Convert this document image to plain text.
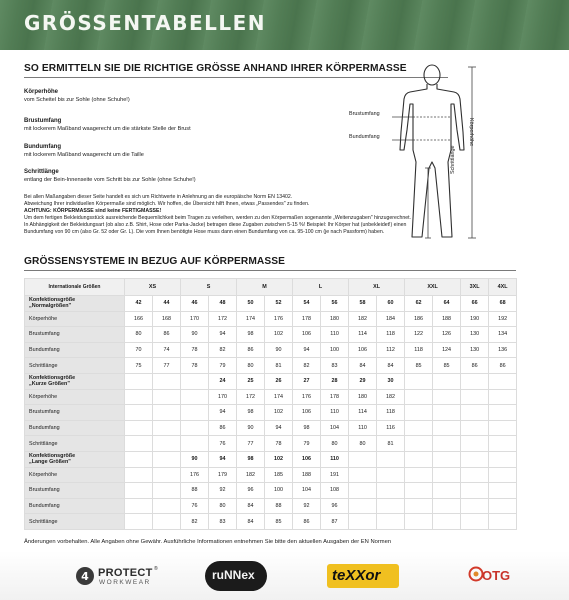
GRÖSSENTABELLEN
SO ERMITTELN SIE DIE RICHTIGE GRÖSSE ANHAND IHRER KÖRPERMASSE
Körperhöhe
vom Scheitel bis zur Sohle (ohne Schuhe!)
Brustumfang
mit lockerem Maßband waagerecht um die stärkste Stelle der Brust
Bundumfang
mit lockerem Maßband waagerecht um die Taille
Schrittlänge
entlang der Bein-Innenseite vom Schritt bis zur Sohle (ohne Schuhe!)
Bei allen Maßangaben dieser Seite handelt es sich um Richtwerte in Anlehnung an die europäische Norm EN 13402.
Abweichung Ihrer individuellen Körpermaße sind möglich. Wir hoffen, die Übersicht hilft Ihnen, etwas „Passendes" zu finden.
ACHTUNG: KÖRPERMASSE sind keine FERTIGMASSE!
Um dem fertigen Bekleidungsstück ausreichende Bequemlichkeit beim Tragen zu verleihen, werden zu den Körpermaßen sogenannte „Weitenzugaben" hinzugerechnet.
In Abhängigkeit der Bekleidungsart (ob also z.B. Shirt, Hose oder Parka-Jacke) betragen diese Zugaben zwischen 5-15 %! Beispiel: Ihr Körper hat (unbekleidet!) einen
Bundumfang von 90 cm (also Gr. 52 oder Gr. L). Die vom Ihnen benötigte Hose muss dann einen Bundumfang von ca. 95-100 cm (je nach Passform) haben.
Brustumfang
Bundumfang	Körperhöhe
Schrittlänge
GRÖSSENSYSTEME IN BEZUG AUF KÖRPERMASSE
Internationale Größen	XS		S		M		L		XL		XXL		3XL	4XL

Konfektionsgröße
„Normalgrößen"	42	44	46	48	50	52	54	56	58	60	62	64	66	68
Körperhöhe	166	168	170	172	174	176	178	180	182	184	186	188	190	192
Brustumfang	80	86	90	94	98	102	106	110	114	118	122	126	130	134
Bundumfang	70	74	78	82	86	90	94	100	106	112	118	124	130	136
Schrittlänge	75	77	78	79	80	81	82	83	84	84	85	85	86	86

Konfektionsgröße
„Kurze Größen"				24	25	26	27	28	29	30				
Körperhöhe				170	172	174	176	178	180	182				
Brustumfang				94	98	102	106	110	114	118				
Bundumfang				86	90	94	98	104	110	116				
Schrittlänge				76	77	78	79	80	80	81				

Konfektionsgröße
„Lange Größen"			90	94	98	102	106	110						
Körperhöhe			176	179	182	185	188	191						
Brustumfang			88	92	96	100	104	108						
Bundumfang			76	80	84	88	92	96						
Schrittlänge			82	83	84	85	86	87						
Änderungen vorbehalten. Alle Angaben ohne Gewähr. Ausführliche Informationen entnehmen Sie bitte den aktuellen Ausgaben der EN Normen
4 PROTECT ®
WORKWEAR
ruNNex	teXXor	OTG
